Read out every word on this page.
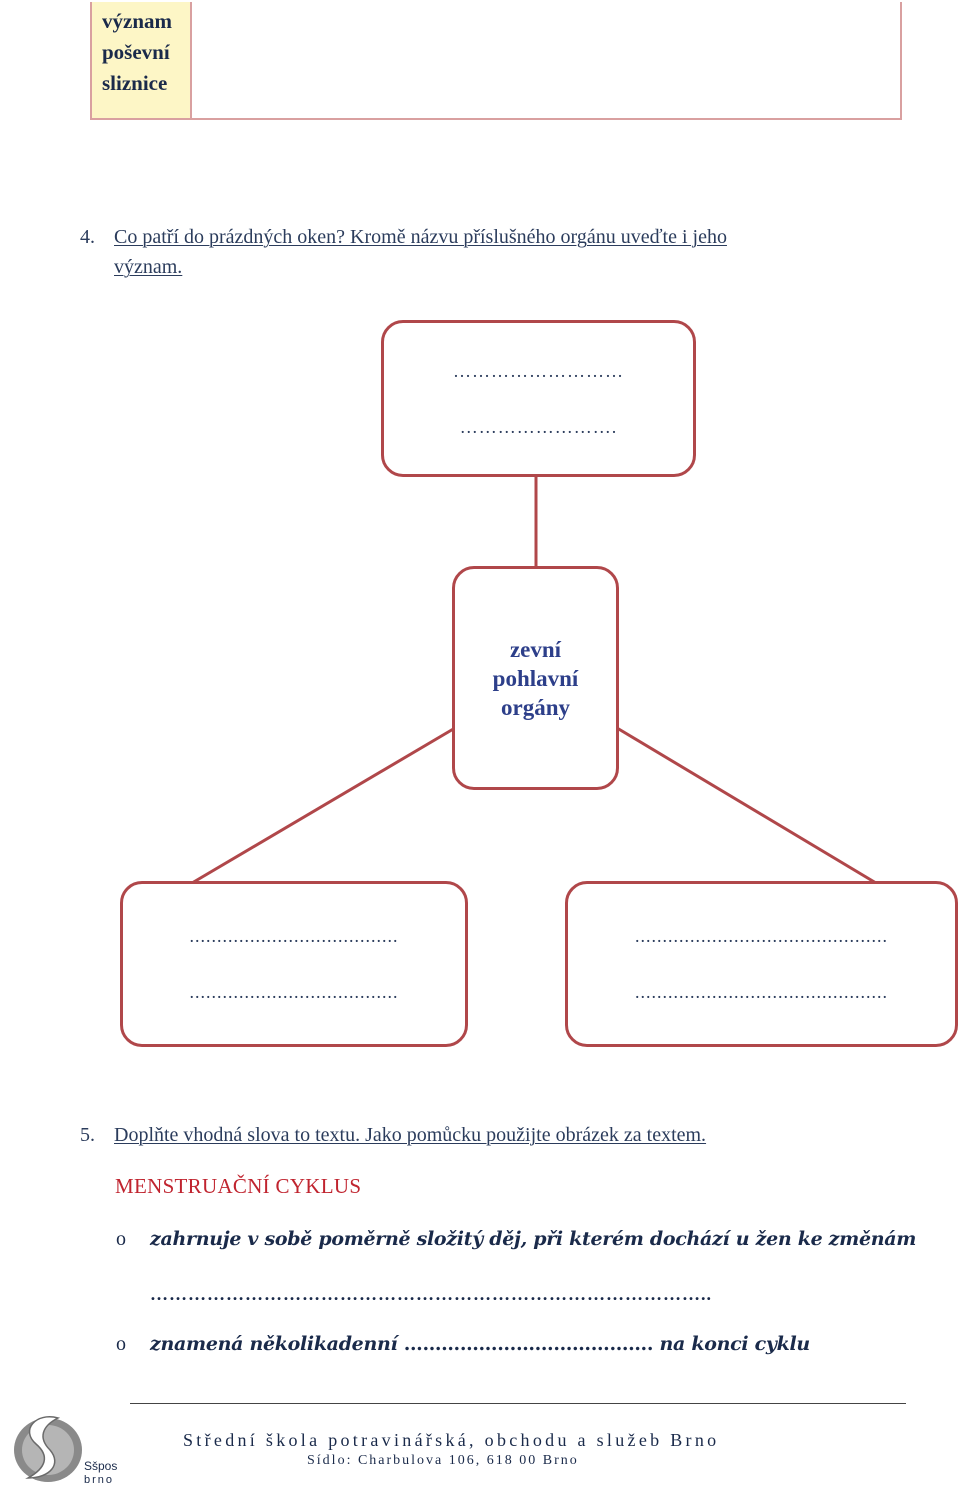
význam
poševní
sliznice
4. Co patří do prázdných oken? Kromě názvu příslušného orgánu uveďte i jeho
význam.
………………………
…………………….
zevní
pohlavní
orgány
......................................
......................................
..............................................
..............................................
5. Doplňte vhodná slova to textu. Jako pomůcku použijte obrázek za textem.
MENSTRUAČNÍ CYKLUS
o zahrnuje v sobě poměrně složitý děj, při kterém dochází u žen ke změnám
……………………………………………………………………………..
o znamená několikadenní …………………………………. na konci cyklu
Sšpos
brno
Střední škola potravinářská, obchodu a služeb Brno
Sídlo: Charbulova 106, 618 00 Brno
